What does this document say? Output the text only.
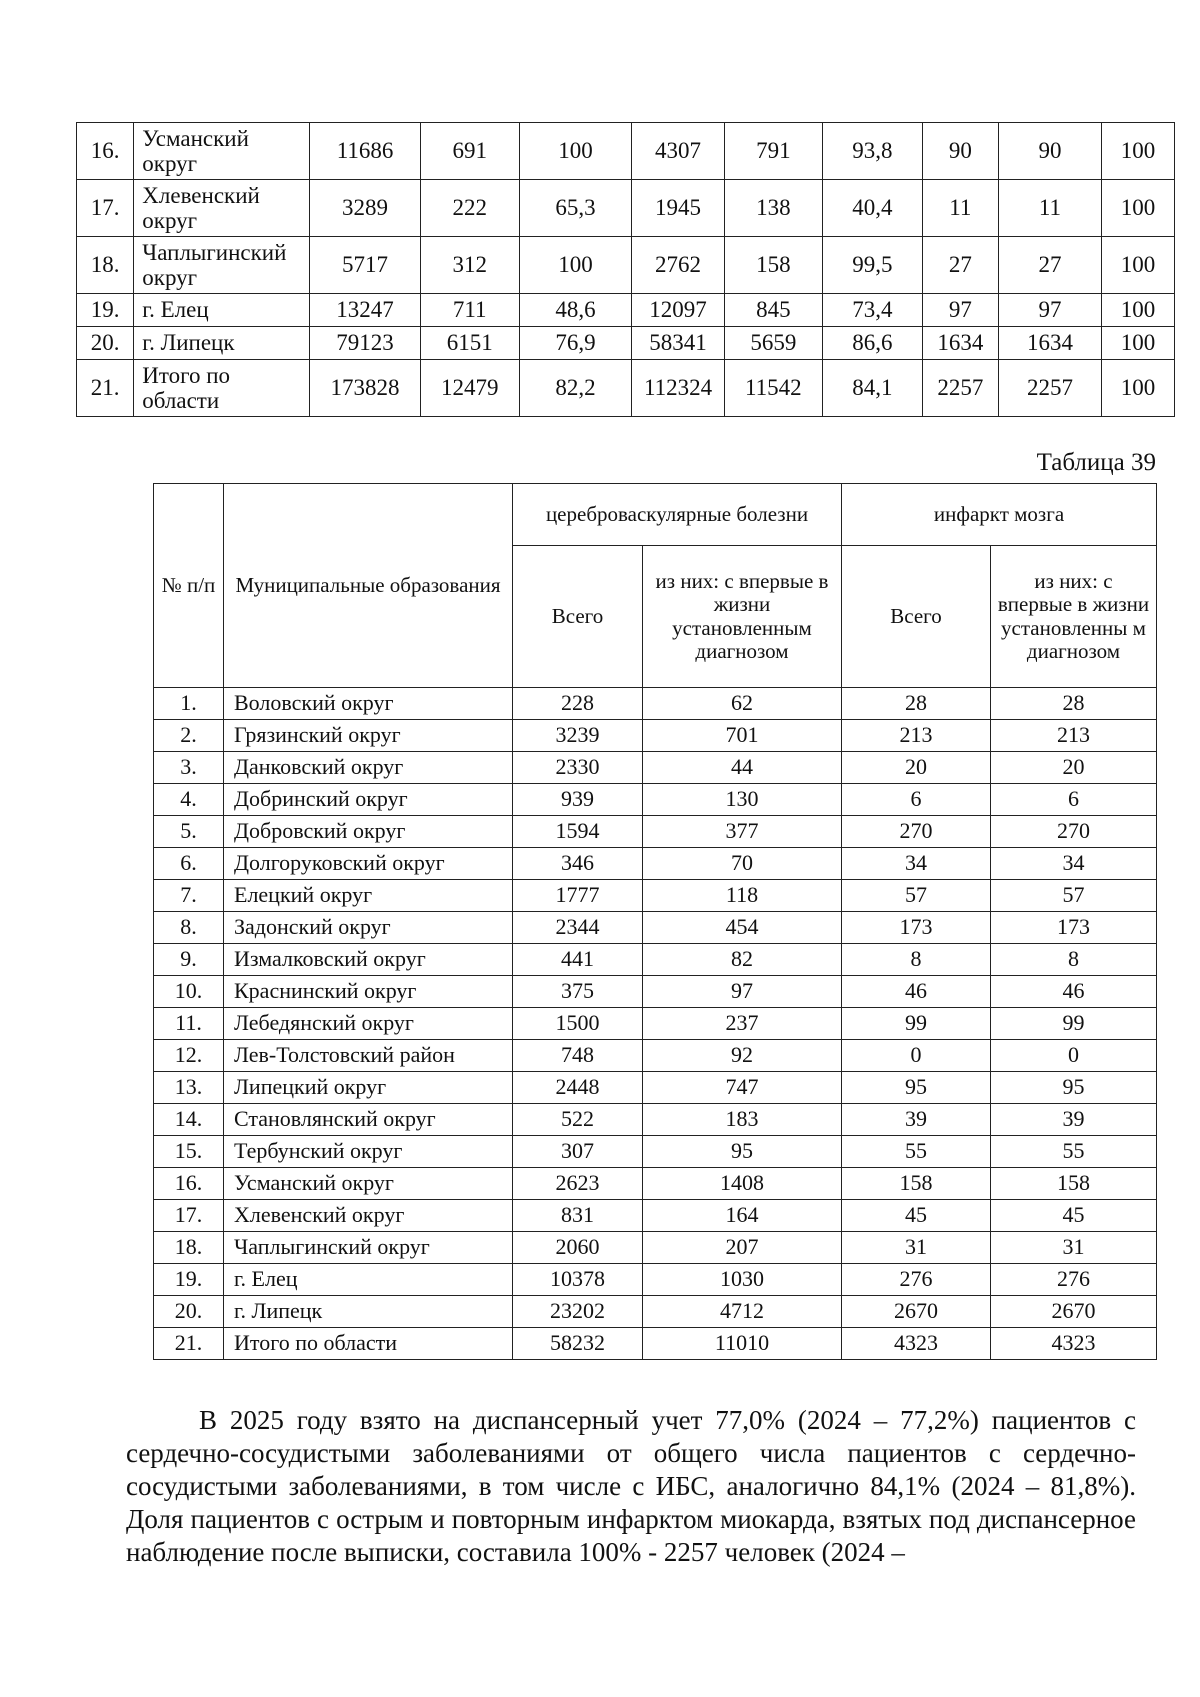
16.	Усманский округ	11686	691	100	4307	791	93,8	90	90	100
17.	Хлевенский округ	3289	222	65,3	1945	138	40,4	11	11	100
18.	Чаплыгинский округ	5717	312	100	2762	158	99,5	27	27	100
19.	г. Елец	13247	711	48,6	12097	845	73,4	97	97	100
20.	г. Липецк	79123	6151	76,9	58341	5659	86,6	1634	1634	100
21.	Итого по области	173828	12479	82,2	112324	11542	84,1	2257	2257	100
Таблица 39
№ п/п	Муниципальные образования	цереброваскулярные болезни		инфаркт мозга	
		Всего	из них: с впервые в жизни установленным диагнозом	Всего	из них: с впервые в жизни установленны м диагнозом
1.	Воловский округ	228	62	28	28
2.	Грязинский округ	3239	701	213	213
3.	Данковский округ	2330	44	20	20
4.	Добринский округ	939	130	6	6
5.	Добровский округ	1594	377	270	270
6.	Долгоруковский округ	346	70	34	34
7.	Елецкий округ	1777	118	57	57
8.	Задонский округ	2344	454	173	173
9.	Измалковский округ	441	82	8	8
10.	Краснинский округ	375	97	46	46
11.	Лебедянский округ	1500	237	99	99
12.	Лев-Толстовский район	748	92	0	0
13.	Липецкий округ	2448	747	95	95
14.	Становлянский округ	522	183	39	39
15.	Тербунский округ	307	95	55	55
16.	Усманский округ	2623	1408	158	158
17.	Хлевенский округ	831	164	45	45
18.	Чаплыгинский округ	2060	207	31	31
19.	г. Елец	10378	1030	276	276
20.	г. Липецк	23202	4712	2670	2670
21.	Итого по области	58232	11010	4323	4323

В 2025 году взято на диспансерный учет 77,0% (2024 – 77,2%) пациентов с сердечно-сосудистыми заболеваниями от общего числа пациентов с сердечно-сосудистыми заболеваниями, в том числе с ИБС, аналогично 84,1% (2024 – 81,8%). Доля пациентов с острым и повторным инфарктом миокарда, взятых под диспансерное наблюдение после выписки, составила 100% - 2257 человек (2024 –
